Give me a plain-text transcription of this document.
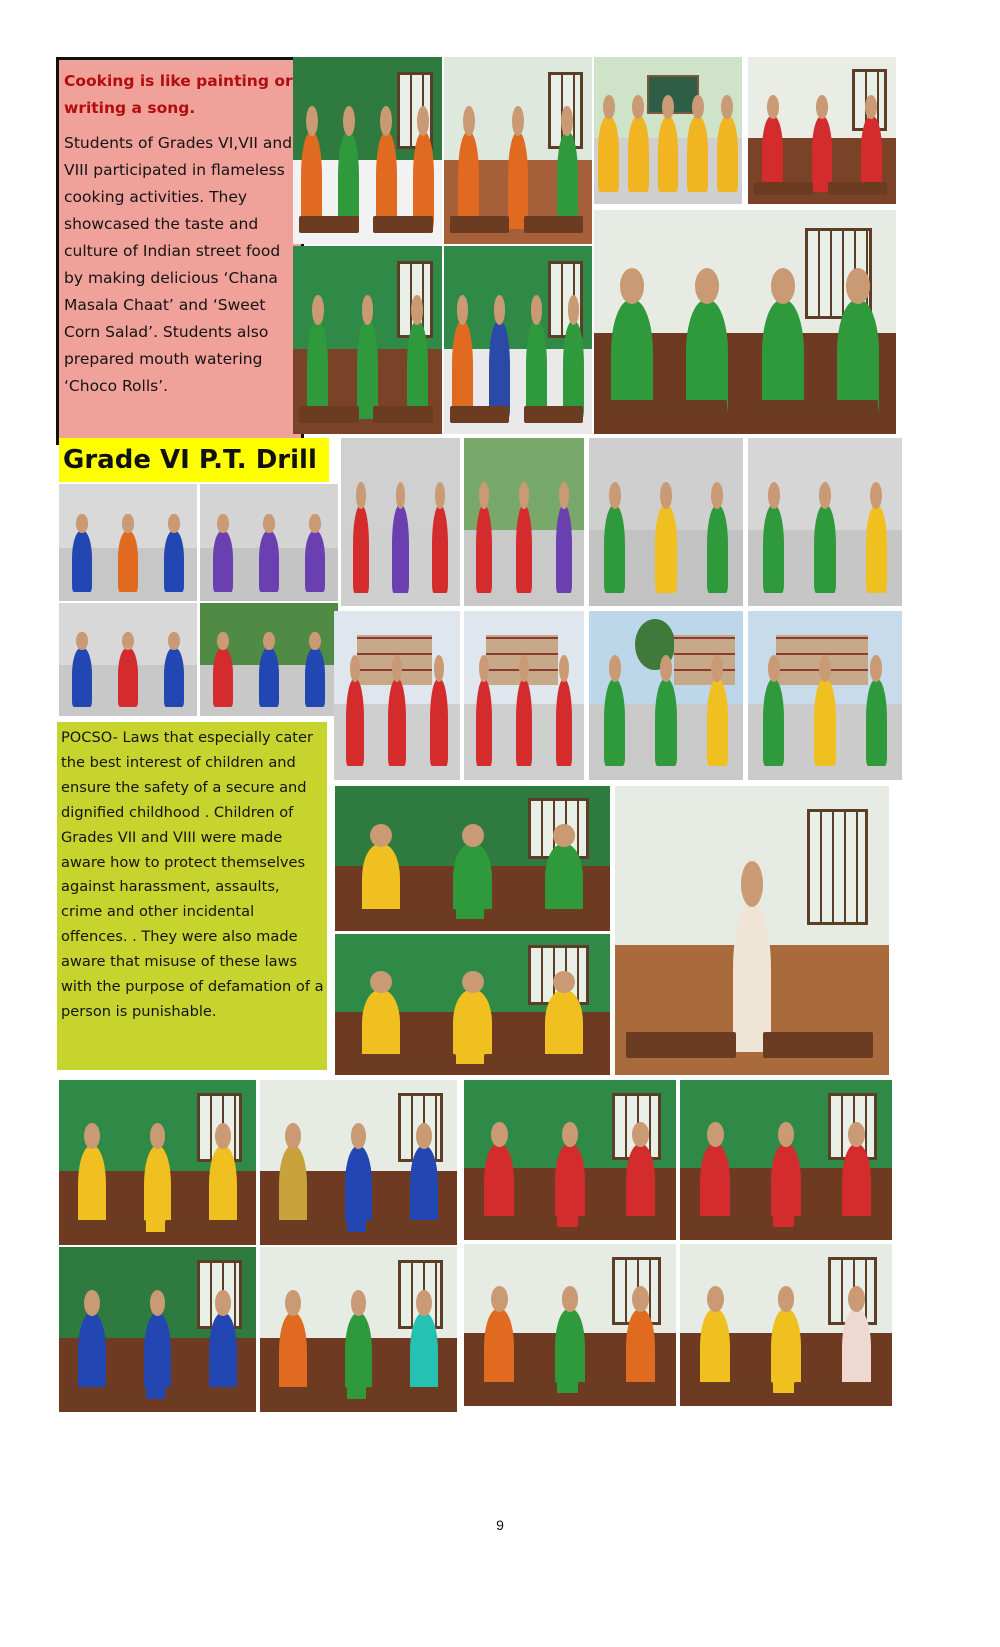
Cooking is like painting or writing a song.

Students of Grades VI,VII and VIII participated in flameless cooking activities. They showcased the taste and culture of Indian street food by making delicious ‘Chana Masala Chaat’ and ‘Sweet Corn Salad’. Students also prepared mouth watering ‘Choco Rolls’.

Grade VI P.T. Drill

POCSO- Laws that especially cater the best interest of children and ensure the safety of a secure and dignified childhood . Children of Grades VII and VIII were made aware how to protect themselves against harassment, assaults, crime and other incidental offences. . They were also made aware that misuse of these laws with the purpose of defamation of a person is punishable.

9
